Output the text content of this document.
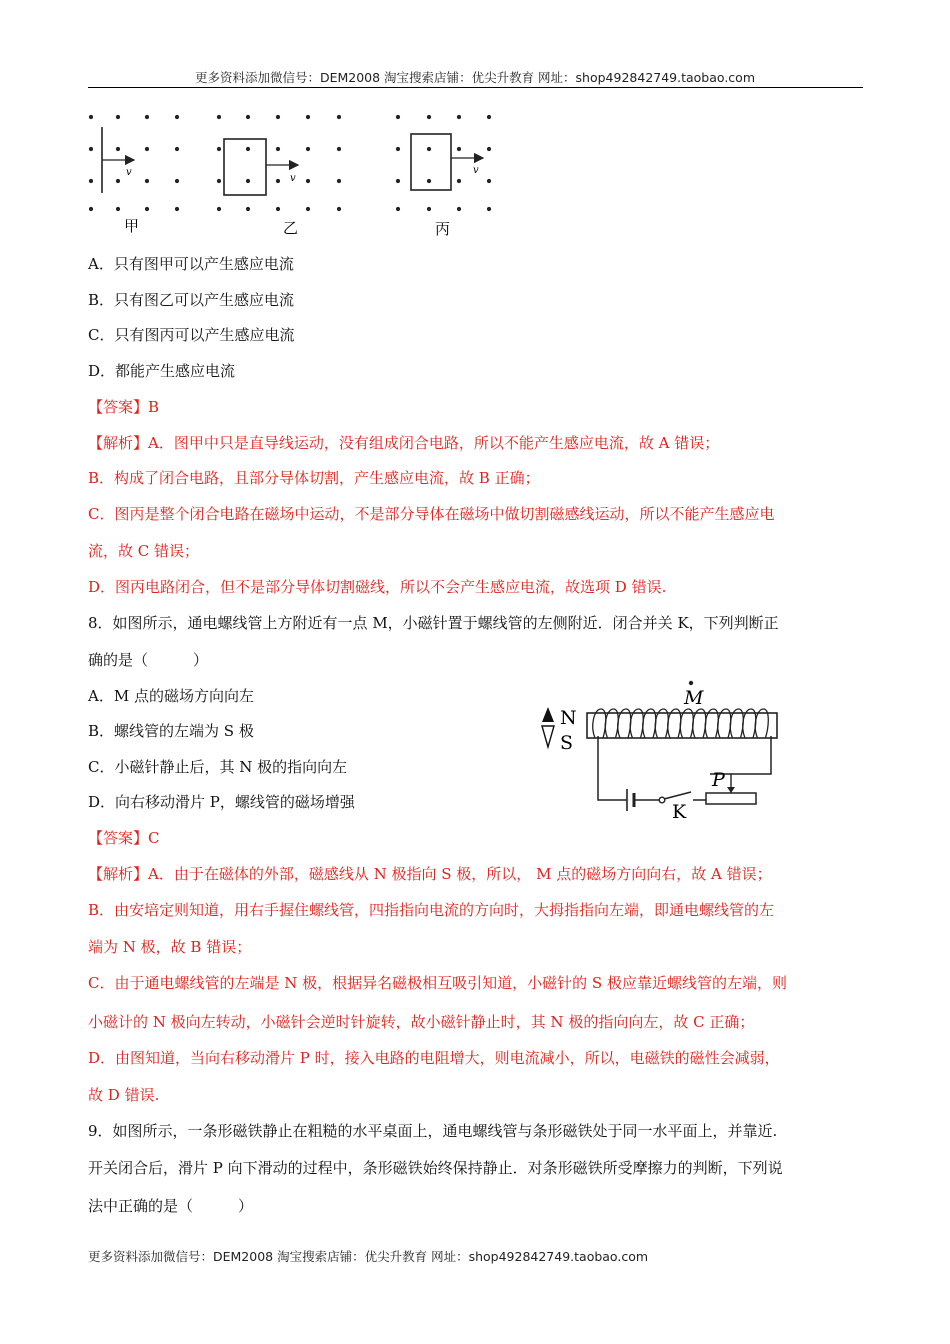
更多资料添加微信号：DEM2008 淘宝搜索店铺：优尖升教育 网址：shop492842749.taobao.com
v
甲
v
乙
v
丙
A．只有图甲可以产生感应电流
B．只有图乙可以产生感应电流
C．只有图丙可以产生感应电流
D．都能产生感应电流
【答案】B
【解析】A．图甲中只是直导线运动，没有组成闭合电路，所以不能产生感应电流，故 A 错误；
B．构成了闭合电路，且部分导体切割，产生感应电流，故 B 正确；
C．图丙是整个闭合电路在磁场中运动，不是部分导体在磁场中做切割磁感线运动，所以不能产生感应电
流，故 C 错误；
D．图丙电路闭合，但不是部分导体切割磁线，所以不会产生感应电流，故选项 D 错误.
8．如图所示，通电螺线管上方附近有一点 M，小磁针置于螺线管的左侧附近．闭合并关 K，下列判断正
确的是（　　　）
A．M 点的磁场方向向左
B．螺线管的左端为 S 极
C．小磁针静止后，其 N 极的指向向左
D．向右移动滑片 P，螺线管的磁场增强
M
N
S
K
P
【答案】C
【解析】A．由于在磁体的外部，磁感线从 N 极指向 S 极，所以， M 点的磁场方向向右，故 A 错误；
B．由安培定则知道，用右手握住螺线管，四指指向电流的方向时，大拇指指向左端，即通电螺线管的左
端为 N 极，故 B 错误；
C．由于通电螺线管的左端是 N 极，根据异名磁极相互吸引知道，小磁针的 S 极应靠近螺线管的左端，则
小磁计的 N 极向左转动，小磁针会逆时针旋转，故小磁针静止时，其 N 极的指向向左，故 C 正确；
D．由图知道，当向右移动滑片 P 时，接入电路的电阻增大，则电流减小，所以，电磁铁的磁性会减弱，
故 D 错误.
9．如图所示，一条形磁铁静止在粗糙的水平桌面上，通电螺线管与条形磁铁处于同一水平面上，并靠近.
开关闭合后，滑片 P 向下滑动的过程中，条形磁铁始终保持静止．对条形磁铁所受摩擦力的判断，下列说
法中正确的是（　　　）
更多资料添加微信号：DEM2008 淘宝搜索店铺：优尖升教育 网址：shop492842749.taobao.com
